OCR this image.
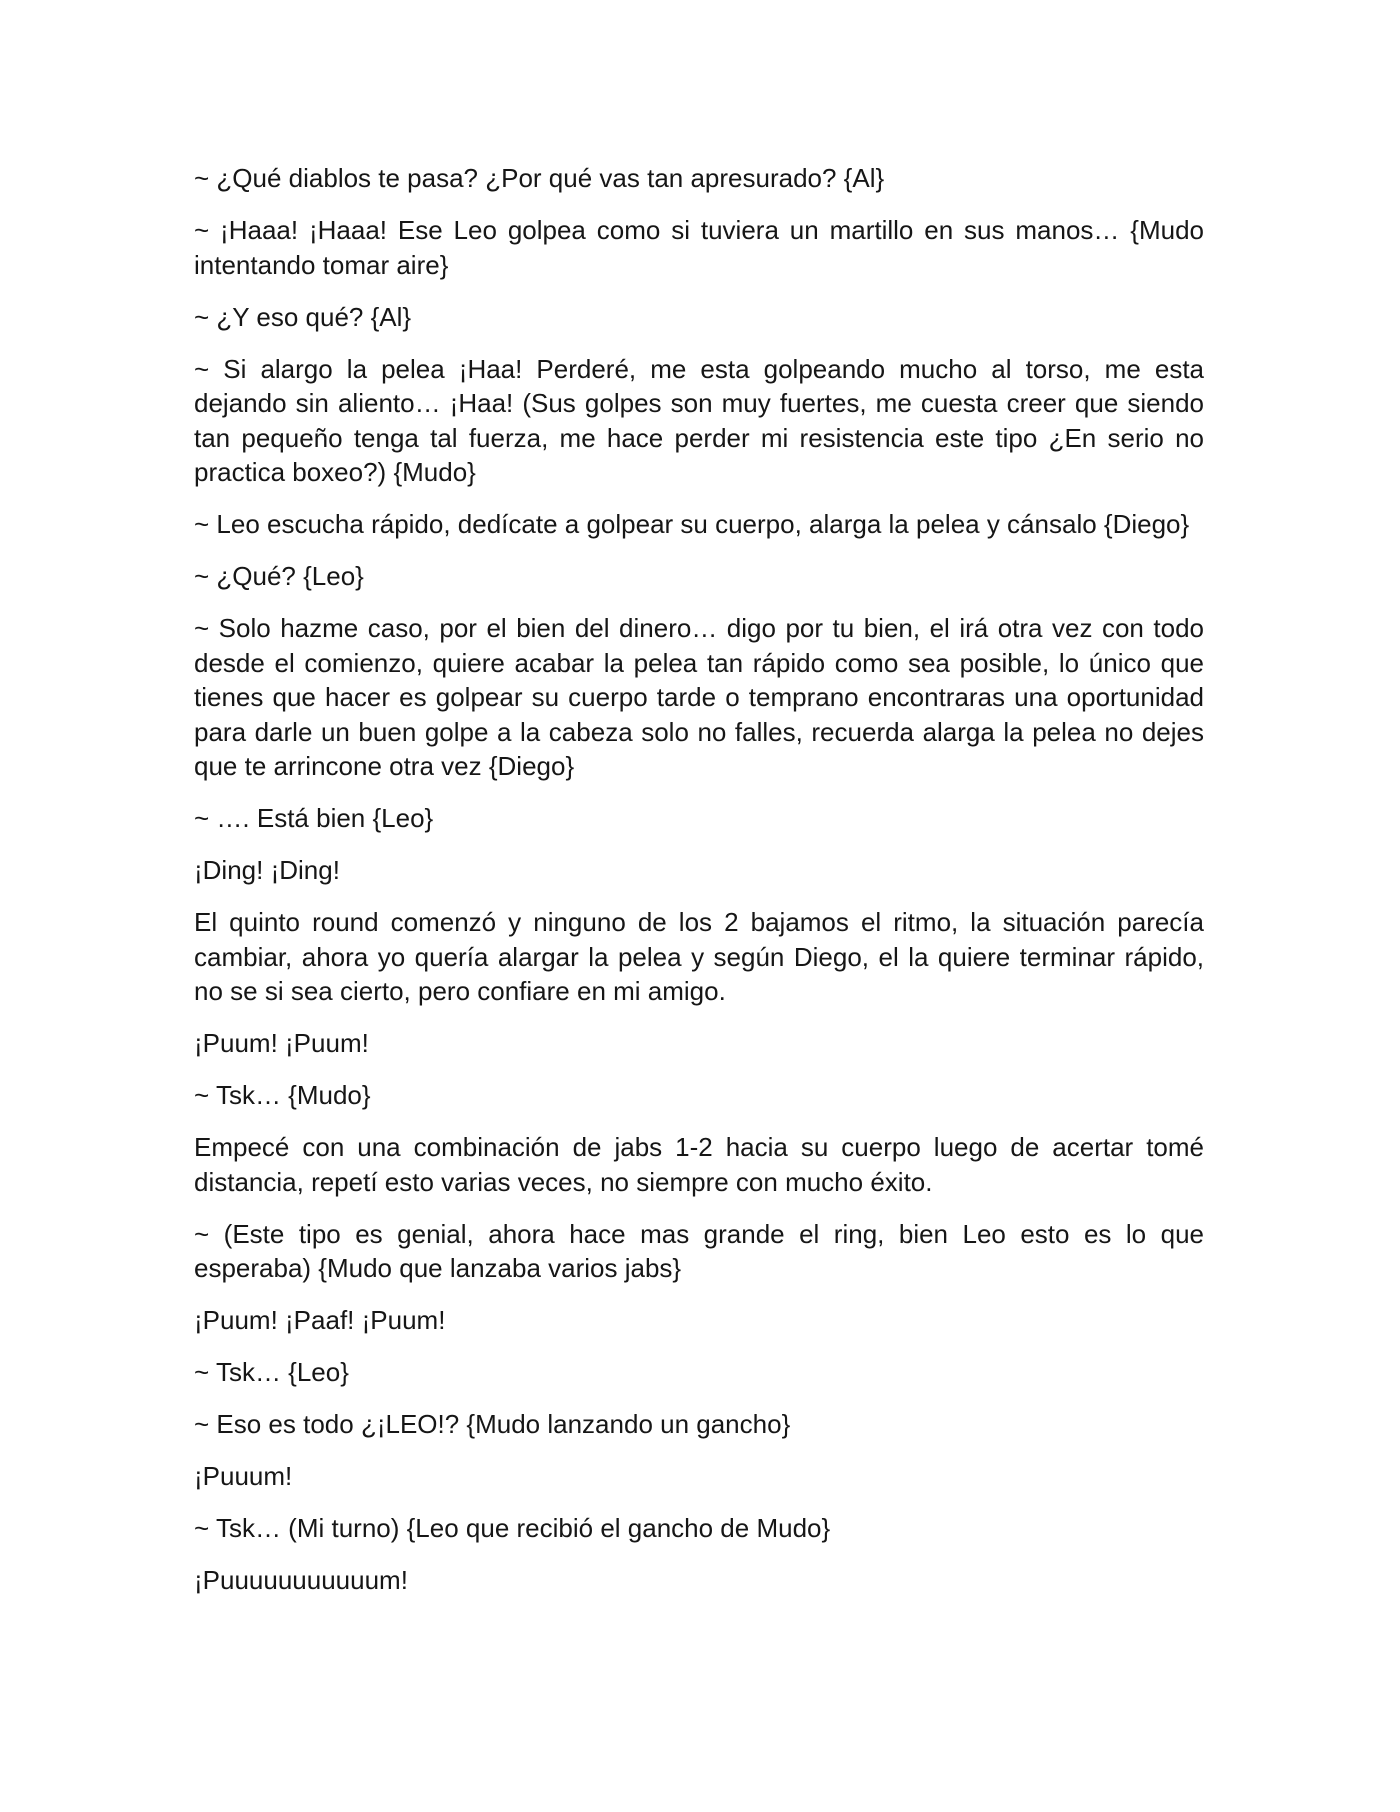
~ ¿Qué diablos te pasa? ¿Por qué vas tan apresurado? {Al}

~ ¡Haaa! ¡Haaa! Ese Leo golpea como si tuviera un martillo en sus manos… {Mudo intentando tomar aire}

~ ¿Y eso qué? {Al}

~ Si alargo la pelea ¡Haa! Perderé, me esta golpeando mucho al torso, me esta dejando sin aliento… ¡Haa! (Sus golpes son muy fuertes, me cuesta creer que siendo tan pequeño tenga tal fuerza, me hace perder mi resistencia este tipo ¿En serio no practica boxeo?) {Mudo}

~ Leo escucha rápido, dedícate a golpear su cuerpo, alarga la pelea y cánsalo {Diego}

~ ¿Qué? {Leo}

~ Solo hazme caso, por el bien del dinero… digo por tu bien, el irá otra vez con todo desde el comienzo, quiere acabar la pelea tan rápido como sea posible, lo único que tienes que hacer es golpear su cuerpo tarde o temprano encontraras una oportunidad para darle un buen golpe a la cabeza solo no falles, recuerda alarga la pelea no dejes que te arrincone otra vez {Diego}

~ …. Está bien {Leo}

¡Ding! ¡Ding!

El quinto round comenzó y ninguno de los 2 bajamos el ritmo, la situación parecía cambiar, ahora yo quería alargar la pelea y según Diego, el la quiere terminar rápido, no se si sea cierto, pero confiare en mi amigo.

¡Puum! ¡Puum!

~ Tsk… {Mudo}

Empecé con una combinación de jabs 1-2 hacia su cuerpo luego de acertar tomé distancia, repetí esto varias veces, no siempre con mucho éxito.

~ (Este tipo es genial, ahora hace mas grande el ring, bien Leo esto es lo que esperaba) {Mudo que lanzaba varios jabs}

¡Puum! ¡Paaf! ¡Puum!

~ Tsk… {Leo}

~ Eso es todo ¿¡LEO!? {Mudo lanzando un gancho}

¡Puuum!

~ Tsk… (Mi turno) {Leo que recibió el gancho de Mudo}

¡Puuuuuuuuuuum!
